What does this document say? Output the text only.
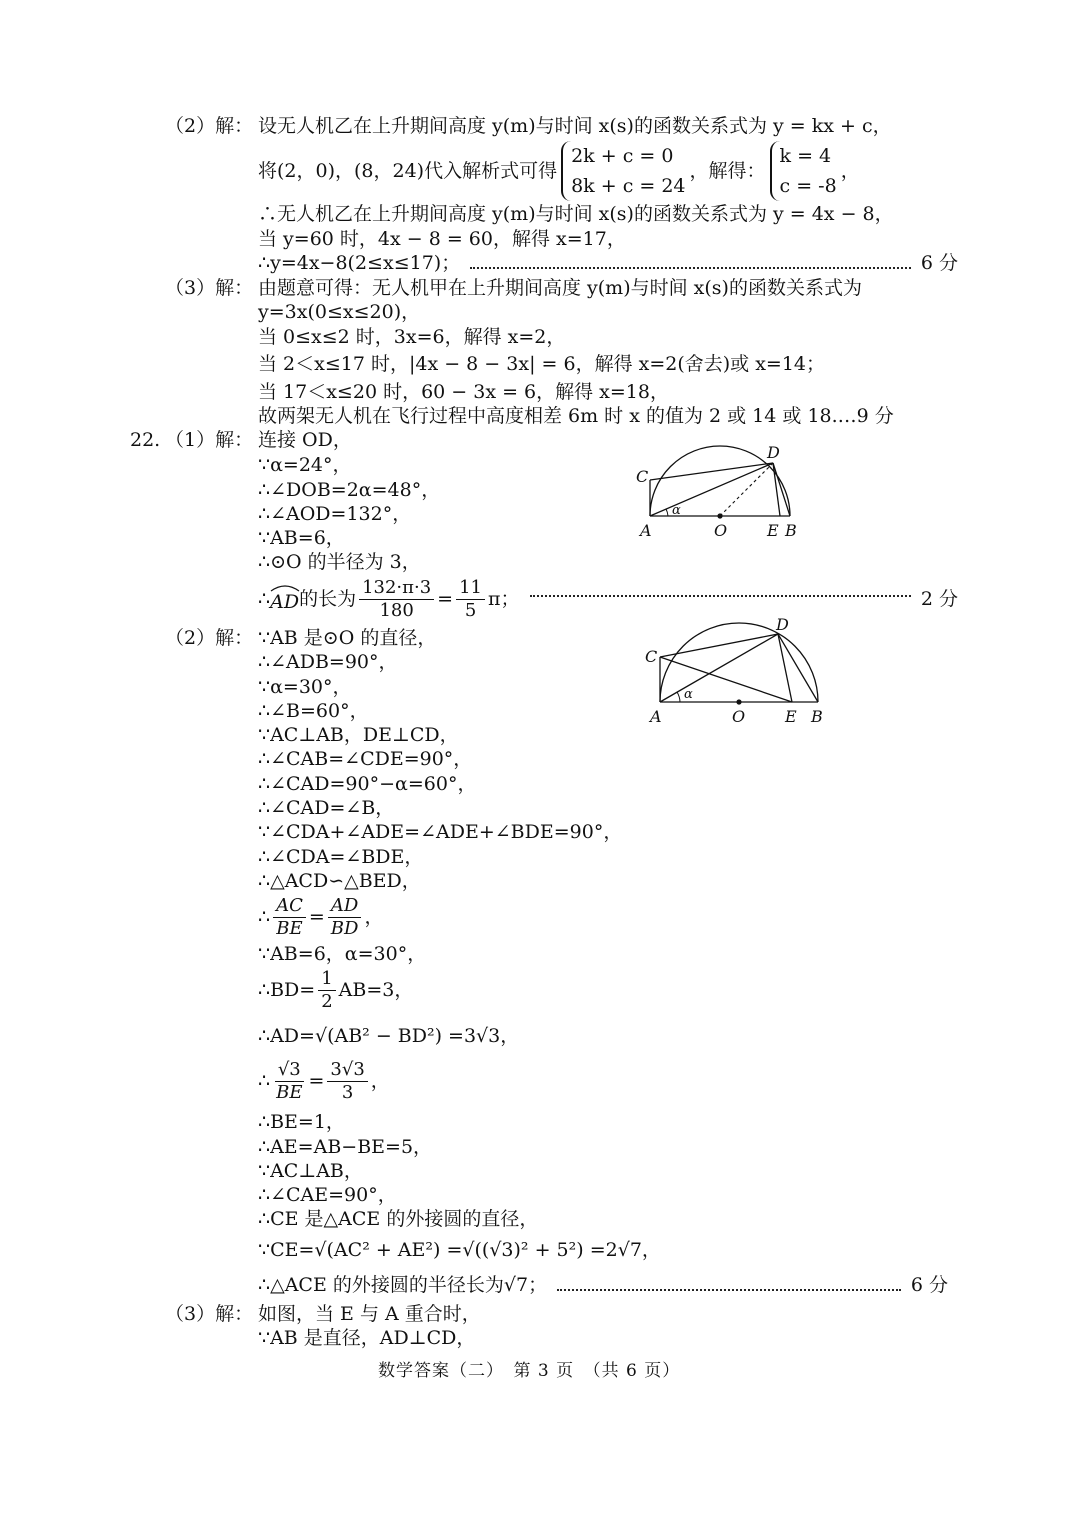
（2）解： 设无人机乙在上升期间高度 y(m)与时间 x(s)的函数关系式为 y = kx + c，
将(2，0)，(8，24)代入解析式可得
2k + c = 0
8k + c = 24
，解得：
k = 4
c = -8
，
∴无人机乙在上升期间高度 y(m)与时间 x(s)的函数关系式为 y = 4x − 8，
当 y=60 时，4x − 8 = 60，解得 x=17，
∴y=4x−8(2≤x≤17)；	6 分
（3）解： 由题意可得：无人机甲在上升期间高度 y(m)与时间 x(s)的函数关系式为
y=3x(0≤x≤20)，
当 0≤x≤2 时，3x=6，解得 x=2，
当 2＜x≤17 时，|4x − 8 − 3x| = 6，解得 x=2(舍去)或 x=14；
当 17＜x≤20 时，60 − 3x = 6，解得 x=18，
故两架无人机在飞行过程中高度相差 6m 时 x 的值为 2 或 14 或 18.…9 分
22. （1）解： 连接 OD，
∵α=24°，
∴∠DOB=2α=48°，
∴∠AOD=132°，
∵AB=6，
∴⊙O 的半径为 3，
∴ AD 的长为 $\frac{132\cdot\pi\cdot 3}{180} = \frac{11}{5}$ π；	2 分
C
D
A	O E B
α
（2）解： ∵AB 是⊙O 的直径，
∴∠ADB=90°，
∵α=30°，
∴∠B=60°，
∵AC⊥AB，DE⊥CD，
∴∠CAB=∠CDE=90°，
∴∠CAD=90°−α=60°，
∴∠CAD=∠B，
∵∠CDA+∠ADE=∠ADE+∠BDE=90°，
∴∠CDA=∠BDE，
∴△ACD∽△BED，
∴ $\frac{AC}{BE} = \frac{AD}{BD}$ ，
∵AB=6，α=30°，
∴BD= $\frac{1}{2} AB=3$，
∴AD=√(AB² − BD²) =3√3，
∴ $\frac{√3}{BE} = \frac{3√3}{3}$ ，
∴BE=1，
∴AE=AB−BE=5，
∵AC⊥AB，
∴∠CAE=90°，
∴CE 是△ACE 的外接圆的直径，
∵CE=√(AC² + AE²) =√((√3)² + 5²) =2√7，
∴△ACE 的外接圆的半径长为√7；	6 分
C
D
A	O E B
α
（3）解： 如图，当 E 与 A 重合时，
∵AB 是直径，AD⊥CD，
数学答案（二）　第 3 页　（共 6 页）
